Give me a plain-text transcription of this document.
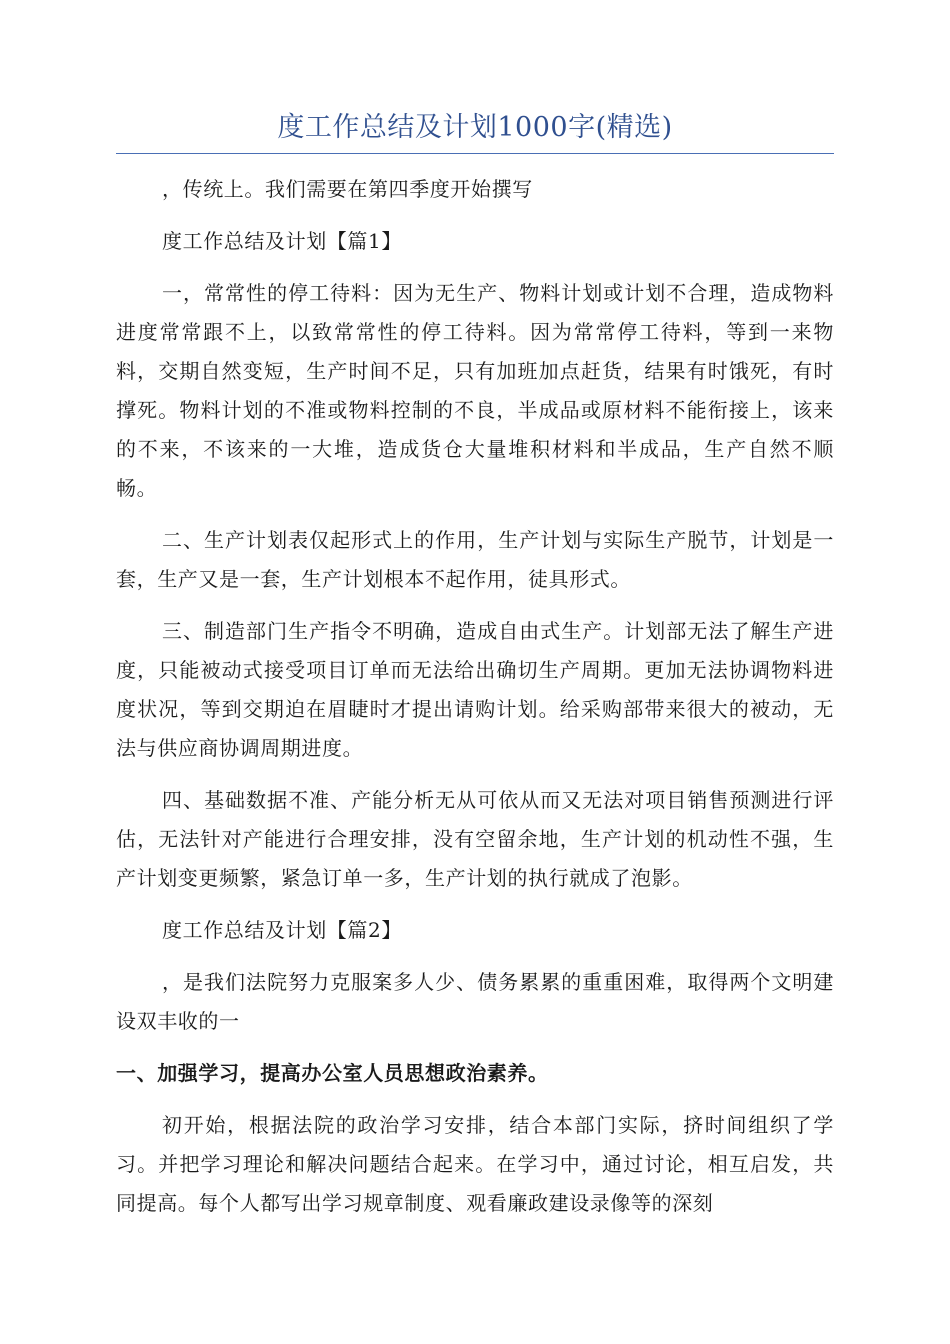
度工作总结及计划1000字(精选)

，传统上。我们需要在第四季度开始撰写

度工作总结及计划【篇1】

一，常常性的停工待料：因为无生产、物料计划或计划不合理，造成物料进度常常跟不上，以致常常性的停工待料。因为常常停工待料，等到一来物料，交期自然变短，生产时间不足，只有加班加点赶货，结果有时饿死，有时撑死。物料计划的不准或物料控制的不良，半成品或原材料不能衔接上，该来的不来，不该来的一大堆，造成货仓大量堆积材料和半成品，生产自然不顺畅。

二、生产计划表仅起形式上的作用，生产计划与实际生产脱节，计划是一套，生产又是一套，生产计划根本不起作用，徒具形式。

三、制造部门生产指令不明确，造成自由式生产。计划部无法了解生产进度，只能被动式接受项目订单而无法给出确切生产周期。更加无法协调物料进度状况，等到交期迫在眉睫时才提出请购计划。给采购部带来很大的被动，无法与供应商协调周期进度。

四、基础数据不准、产能分析无从可依从而又无法对项目销售预测进行评估，无法针对产能进行合理安排，没有空留余地，生产计划的机动性不强，生产计划变更频繁，紧急订单一多，生产计划的执行就成了泡影。

度工作总结及计划【篇2】

，是我们法院努力克服案多人少、债务累累的重重困难，取得两个文明建设双丰收的一

一、加强学习，提高办公室人员思想政治素养。

初开始，根据法院的政治学习安排，结合本部门实际，挤时间组织了学习。并把学习理论和解决问题结合起来。在学习中，通过讨论，相互启发，共同提高。每个人都写出学习规章制度、观看廉政建设录像等的深刻
